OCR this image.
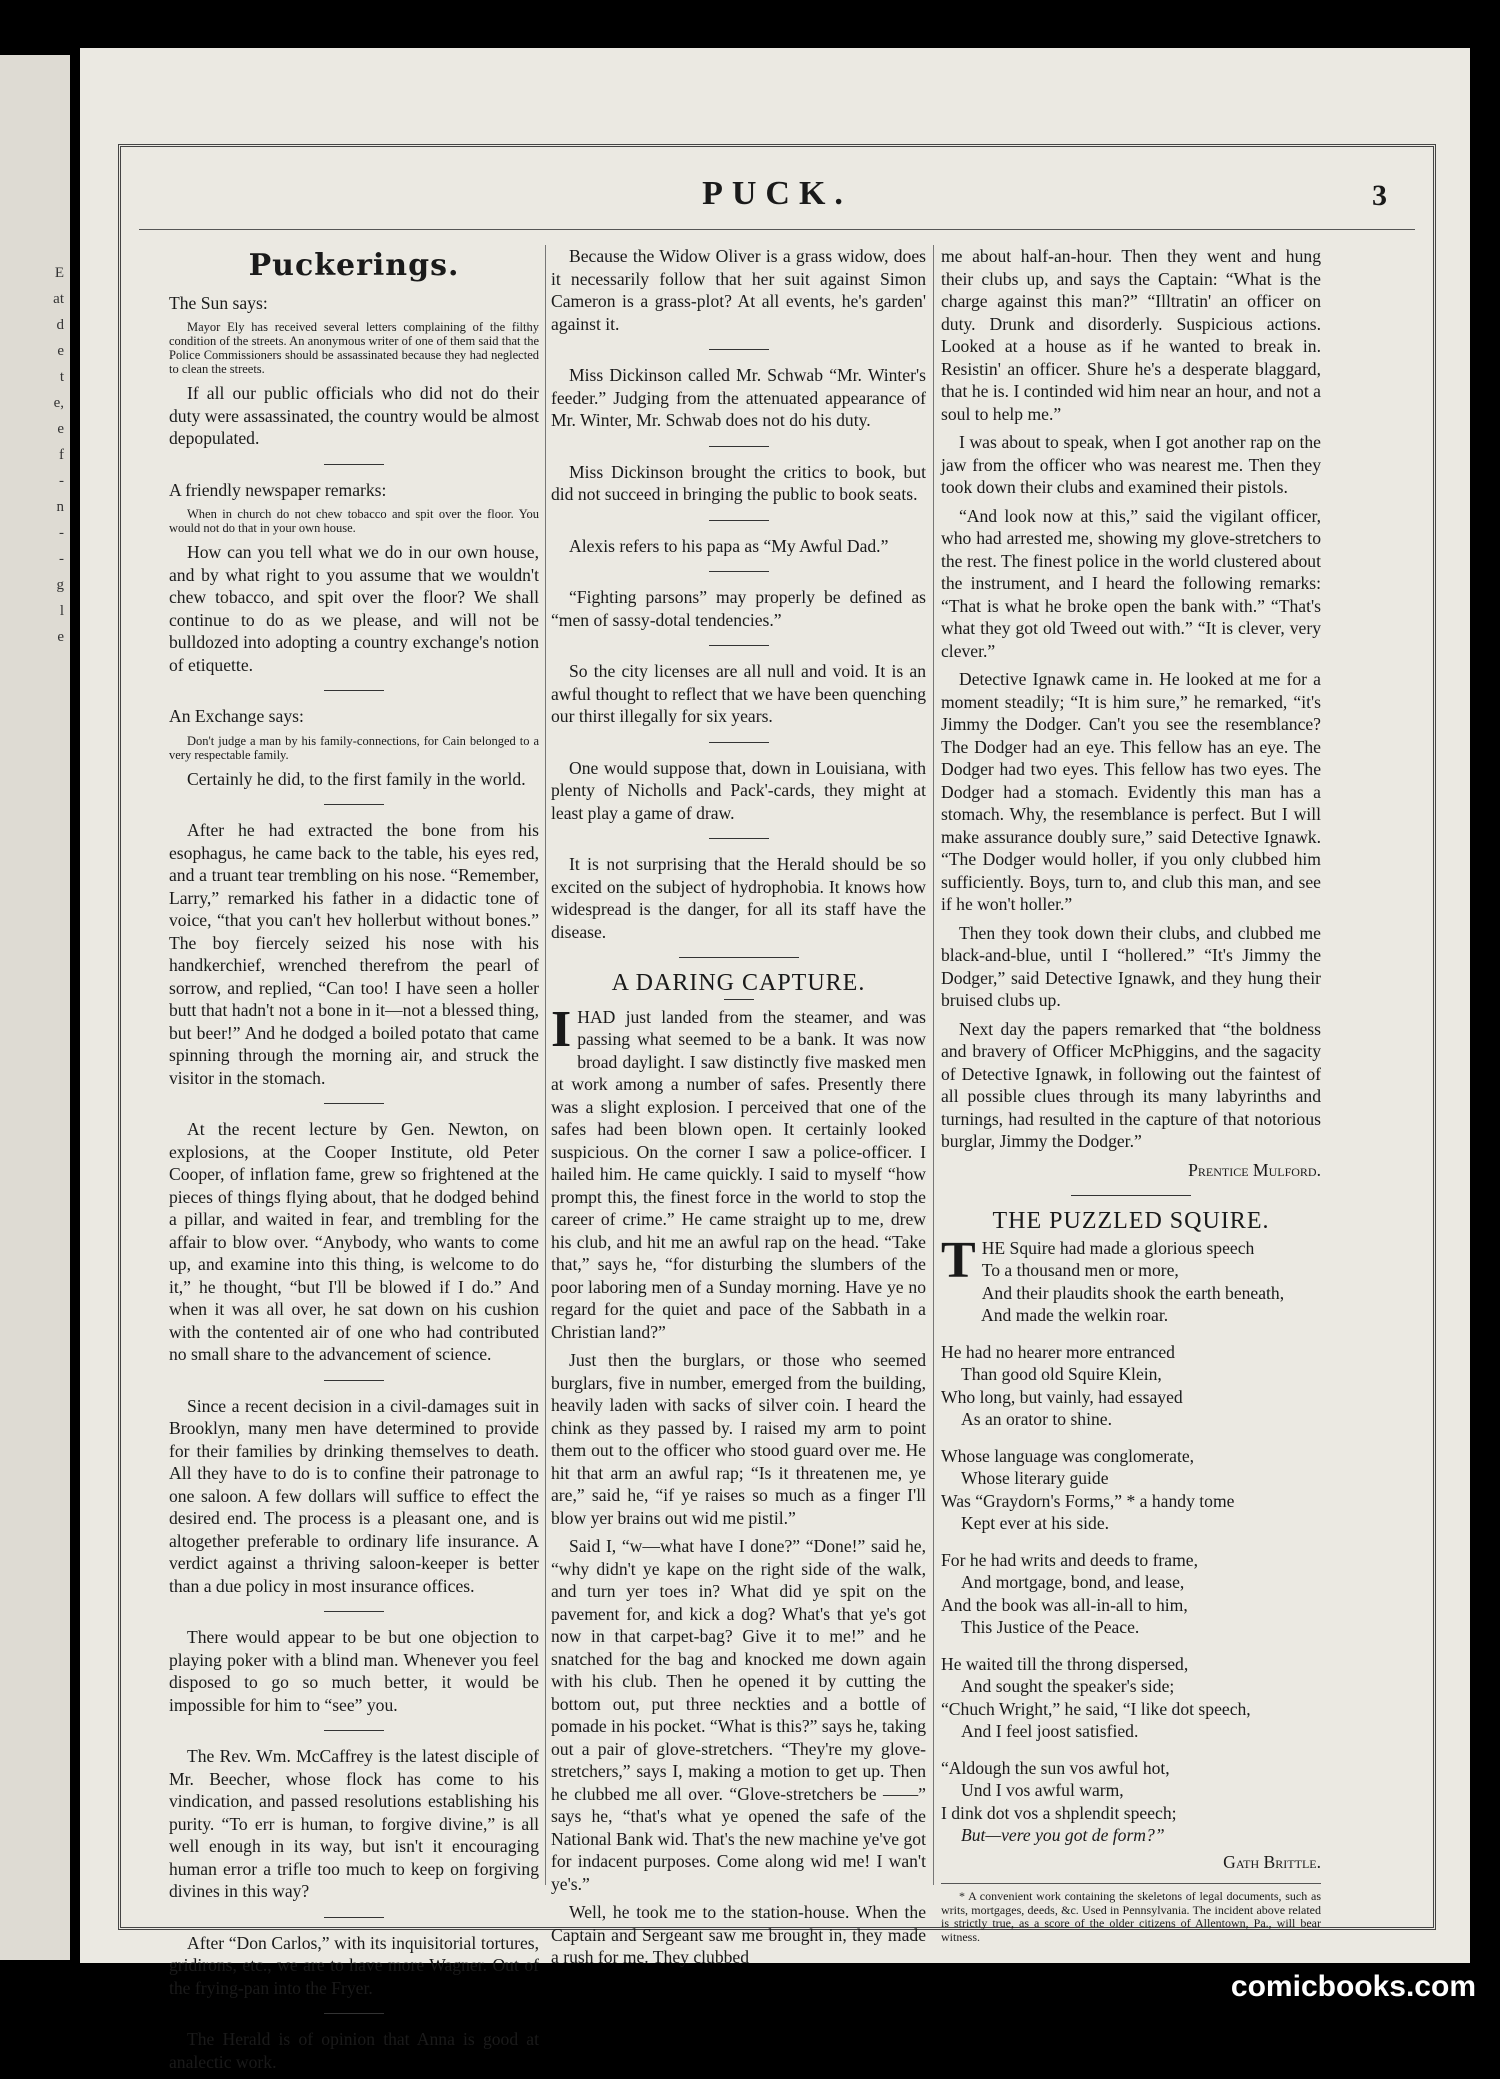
E
at
d
e
t
e,
e
f
-
n
-
-
g
l
e

PUCK.	3
Puckerings.

The Sun says:

Mayor Ely has received several letters complaining of the filthy condition of the streets. An anonymous writer of one of them said that the Police Commissioners should be assassinated because they had neglected to clean the streets.

If all our public officials who did not do their duty were assassinated, the country would be almost depopulated.

A friendly newspaper remarks:

When in church do not chew tobacco and spit over the floor. You would not do that in your own house.

How can you tell what we do in our own house, and by what right to you assume that we wouldn't chew tobacco, and spit over the floor? We shall continue to do as we please, and will not be bulldozed into adopting a country exchange's notion of etiquette.

An Exchange says:

Don't judge a man by his family-connections, for Cain belonged to a very respectable family.

Certainly he did, to the first family in the world.

After he had extracted the bone from his esophagus, he came back to the table, his eyes red, and a truant tear trembling on his nose. “Remember, Larry,” remarked his father in a didactic tone of voice, “that you can't hev hollerbut without bones.” The boy fiercely seized his nose with his handkerchief, wrenched therefrom the pearl of sorrow, and replied, “Can too! I have seen a holler butt that hadn't not a bone in it—not a blessed thing, but beer!” And he dodged a boiled potato that came spinning through the morning air, and struck the visitor in the stomach.

At the recent lecture by Gen. Newton, on explosions, at the Cooper Institute, old Peter Cooper, of inflation fame, grew so frightened at the pieces of things flying about, that he dodged behind a pillar, and waited in fear, and trembling for the affair to blow over. “Anybody, who wants to come up, and examine into this thing, is welcome to do it,” he thought, “but I'll be blowed if I do.” And when it was all over, he sat down on his cushion with the contented air of one who had contributed no small share to the advancement of science.

Since a recent decision in a civil-damages suit in Brooklyn, many men have determined to provide for their families by drinking themselves to death. All they have to do is to confine their patronage to one saloon. A few dollars will suffice to effect the desired end. The process is a pleasant one, and is altogether preferable to ordinary life insurance. A verdict against a thriving saloon-keeper is better than a due policy in most insurance offices.

There would appear to be but one objection to playing poker with a blind man. Whenever you feel disposed to go so much better, it would be impossible for him to “see” you.

The Rev. Wm. McCaffrey is the latest disciple of Mr. Beecher, whose flock has come to his vindication, and passed resolutions establishing his purity. “To err is human, to forgive divine,” is all well enough in its way, but isn't it encouraging human error a trifle too much to keep on forgiving divines in this way?

After “Don Carlos,” with its inquisitorial tortures, gridirons, etc., we are to have more Wagner. Out of the frying-pan into the Fryer.

The Herald is of opinion that Anna is good at analectic work.

Because the Widow Oliver is a grass widow, does it necessarily follow that her suit against Simon Cameron is a grass-plot? At all events, he's garden' against it.

Miss Dickinson called Mr. Schwab “Mr. Winter's feeder.” Judging from the attenuated appearance of Mr. Winter, Mr. Schwab does not do his duty.

Miss Dickinson brought the critics to book, but did not succeed in bringing the public to book seats.

Alexis refers to his papa as “My Awful Dad.”

“Fighting parsons” may properly be defined as “men of sassy-dotal tendencies.”

So the city licenses are all null and void. It is an awful thought to reflect that we have been quenching our thirst illegally for six years.

One would suppose that, down in Louisiana, with plenty of Nicholls and Pack'-cards, they might at least play a game of draw.

It is not surprising that the Herald should be so excited on the subject of hydrophobia. It knows how widespread is the danger, for all its staff have the disease.

A DARING CAPTURE.

IHAD just landed from the steamer, and was passing what seemed to be a bank. It was now broad daylight. I saw distinctly five masked men at work among a number of safes. Presently there was a slight explosion. I perceived that one of the safes had been blown open. It certainly looked suspicious. On the corner I saw a police-officer. I hailed him. He came quickly. I said to myself “how prompt this, the finest force in the world to stop the career of crime.” He came straight up to me, drew his club, and hit me an awful rap on the head. “Take that,” says he, “for disturbing the slumbers of the poor laboring men of a Sunday morning. Have ye no regard for the quiet and pace of the Sabbath in a Christian land?”

Just then the burglars, or those who seemed burglars, five in number, emerged from the building, heavily laden with sacks of silver coin. I heard the chink as they passed by. I raised my arm to point them out to the officer who stood guard over me. He hit that arm an awful rap; “Is it threatenen me, ye are,” said he, “if ye raises so much as a finger I'll blow yer brains out wid me pistil.”

Said I, “w—what have I done?” “Done!” said he, “why didn't ye kape on the right side of the walk, and turn yer toes in? What did ye spit on the pavement for, and kick a dog? What's that ye's got now in that carpet-bag? Give it to me!” and he snatched for the bag and knocked me down again with his club. Then he opened it by cutting the bottom out, put three neckties and a bottle of pomade in his pocket. “What is this?” says he, taking out a pair of glove-stretchers. “They're my glove-stretchers,” says I, making a motion to get up. Then he clubbed me all over. “Glove-stretchers be ——” says he, “that's what ye opened the safe of the National Bank wid. That's the new machine ye've got for indacent purposes. Come along wid me! I wan't ye's.”

Well, he took me to the station-house. When the Captain and Sergeant saw me brought in, they made a rush for me. They clubbed

me about half-an-hour. Then they went and hung their clubs up, and says the Captain: “What is the charge against this man?” “Illtratin' an officer on duty. Drunk and disorderly. Suspicious actions. Looked at a house as if he wanted to break in. Resistin' an officer. Shure he's a desperate blaggard, that he is. I continded wid him near an hour, and not a soul to help me.”

I was about to speak, when I got another rap on the jaw from the officer who was nearest me. Then they took down their clubs and examined their pistols.

“And look now at this,” said the vigilant officer, who had arrested me, showing my glove-stretchers to the rest. The finest police in the world clustered about the instrument, and I heard the following remarks: “That is what he broke open the bank with.” “That's what they got old Tweed out with.” “It is clever, very clever.”

Detective Ignawk came in. He looked at me for a moment steadily; “It is him sure,” he remarked, “it's Jimmy the Dodger. Can't you see the resemblance? The Dodger had an eye. This fellow has an eye. The Dodger had two eyes. This fellow has two eyes. The Dodger had a stomach. Evidently this man has a stomach. Why, the resemblance is perfect. But I will make assurance doubly sure,” said Detective Ignawk. “The Dodger would holler, if you only clubbed him sufficiently. Boys, turn to, and club this man, and see if he won't holler.”

Then they took down their clubs, and clubbed me black-and-blue, until I “hollered.” “It's Jimmy the Dodger,” said Detective Ignawk, and they hung their bruised clubs up.

Next day the papers remarked that “the boldness and bravery of Officer McPhiggins, and the sagacity of Detective Ignawk, in following out the faintest of all possible clues through its many labyrinths and turnings, had resulted in the capture of that notorious burglar, Jimmy the Dodger.”

Prentice Mulford.
THE PUZZLED SQUIRE.

THE Squire had made a glorious speech

To a thousand men or more,

And their plaudits shook the earth beneath,

And made the welkin roar.

He had no hearer more entranced

Than good old Squire Klein,

Who long, but vainly, had essayed

As an orator to shine.

Whose language was conglomerate,

Whose literary guide

Was “Graydorn's Forms,” * a handy tome

Kept ever at his side.

For he had writs and deeds to frame,

And mortgage, bond, and lease,

And the book was all-in-all to him,

This Justice of the Peace.

He waited till the throng dispersed,

And sought the speaker's side;

“Chuch Wright,” he said, “I like dot speech,

And I feel joost satisfied.

“Aldough the sun vos awful hot,

Und I vos awful warm,

I dink dot vos a shplendit speech;

But—vere you got de form?”

Gath Brittle.

* A convenient work containing the skeletons of legal documents, such as writs, mortgages, deeds, &c. Used in Pennsylvania. The incident above related is strictly true, as a score of the older citizens of Allentown, Pa., will bear witness.

comicbooks.com
